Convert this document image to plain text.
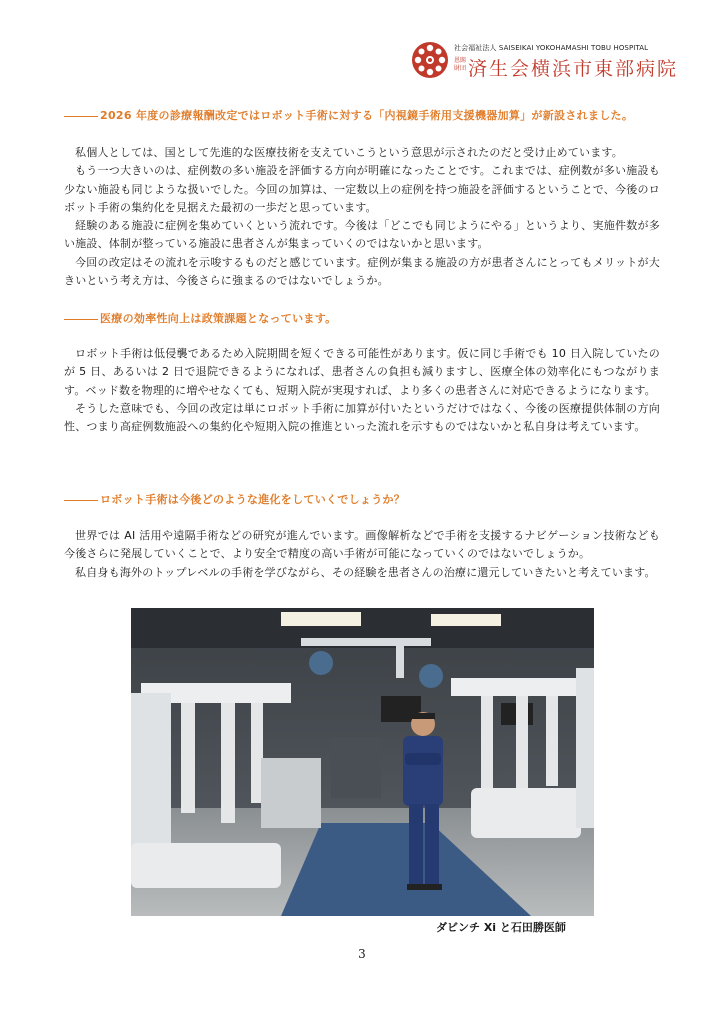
社会福祉法人 SAISEIKAI YOKOHAMASHI TOBU HOSPITAL
恩賜財団 済生会横浜市東部病院
2026 年度の診療報酬改定ではロボット手術に対する「内視鏡手術用支援機器加算」が新設されました。

私個人としては、国として先進的な医療技術を支えていこうという意思が示されたのだと受け止めています。

もう一つ大きいのは、症例数の多い施設を評価する方向が明確になったことです。これまでは、症例数が多い施設も少ない施設も同じような扱いでした。今回の加算は、一定数以上の症例を持つ施設を評価するということで、今後のロボット手術の集約化を見据えた最初の一歩だと思っています。

経験のある施設に症例を集めていくという流れです。今後は「どこでも同じようにやる」というより、実施件数が多い施設、体制が整っている施設に患者さんが集まっていくのではないかと思います。

今回の改定はその流れを示唆するものだと感じています。症例が集まる施設の方が患者さんにとってもメリットが大きいという考え方は、今後さらに強まるのではないでしょうか。

医療の効率性向上は政策課題となっています。

ロボット手術は低侵襲であるため入院期間を短くできる可能性があります。仮に同じ手術でも 10 日入院していたのが 5 日、あるいは 2 日で退院できるようになれば、患者さんの負担も減りますし、医療全体の効率化にもつながります。ベッド数を物理的に増やせなくても、短期入院が実現すれば、より多くの患者さんに対応できるようになります。

そうした意味でも、今回の改定は単にロボット手術に加算が付いたというだけではなく、今後の医療提供体制の方向性、つまり高症例数施設への集約化や短期入院の推進といった流れを示すものではないかと私自身は考えています。

ロボット手術は今後どのような進化をしていくでしょうか？

世界では AI 活用や遠隔手術などの研究が進んでいます。画像解析などで手術を支援するナビゲーション技術なども今後さらに発展していくことで、より安全で精度の高い手術が可能になっていくのではないでしょうか。

私自身も海外のトップレベルの手術を学びながら、その経験を患者さんの治療に還元していきたいと考えています。

ダビンチ Xi と石田勝医師
3
